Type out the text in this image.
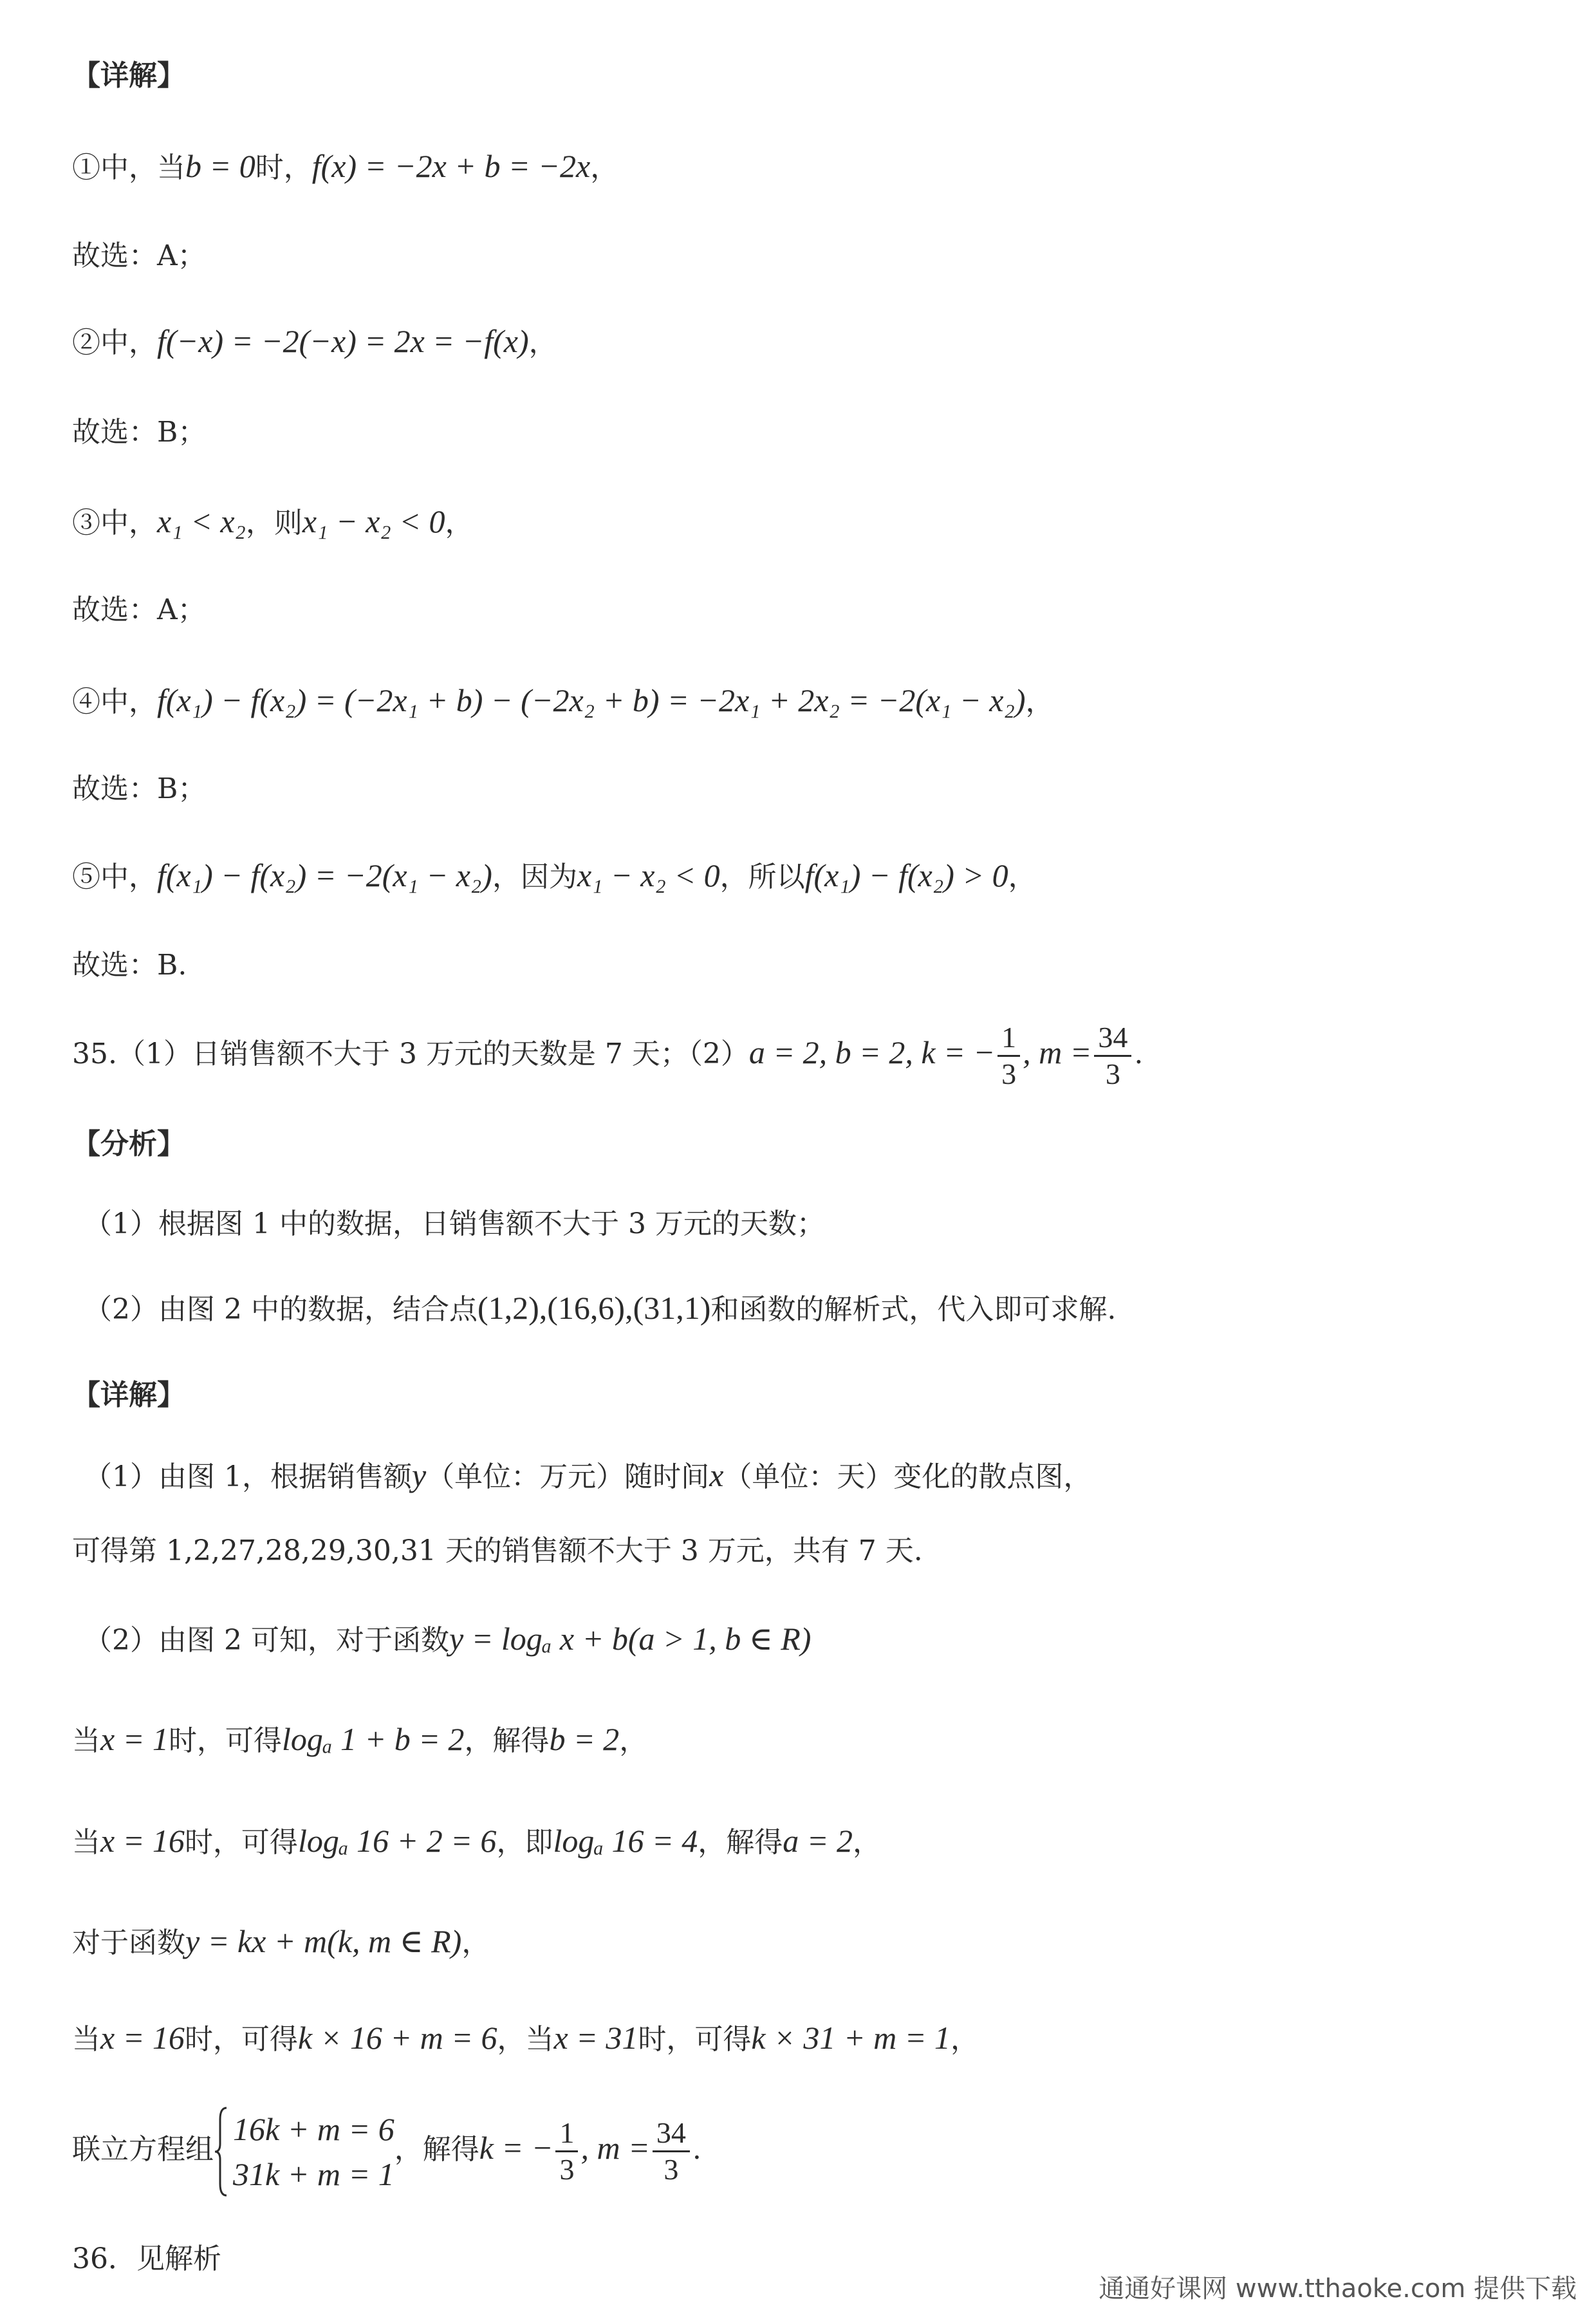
【详解】
①中，当b = 0时，f(x) = −2x + b = −2x，
故选：A；
②中，f(−x) = −2(−x) = 2x = −f(x)，
故选：B；
③中，x₁ < x₂，则x₁ − x₂ < 0，
故选：A；
④中，f(x₁) − f(x₂) = (−2x₁ + b) − (−2x₂ + b) = −2x₁ + 2x₂ = −2(x₁ − x₂)，
故选：B；
⑤中，f(x₁) − f(x₂) = −2(x₁ − x₂)，因为x₁ − x₂ < 0，所以f(x₁) − f(x₂) > 0，
故选：B.
35.（1）日销售额不大于 3 万元的天数是 7 天；（2）a = 2, b = 2, k = − $\frac{1}{3}$ , $m = \frac{34}{3}$ .
【分析】
（1）根据图 1 中的数据，日销售额不大于 3 万元的天数；
（2）由图 2 中的数据，结合点(1,2),(16,6),(31,1)和函数的解析式，代入即可求解.
【详解】
（1）由图 1，根据销售额y（单位：万元）随时间x（单位：天）变化的散点图，
可得第 1,2,27,28,29,30,31 天的销售额不大于 3 万元，共有 7 天.
（2）由图 2 可知，对于函数y = logₐ x + b(a > 1, b ∈ R)
当x = 1时，可得logₐ 1 + b = 2，解得b = 2，
当x = 16时，可得logₐ 16 + 2 = 6，即logₐ 16 = 4，解得a = 2，
对于函数y = kx + m(k, m ∈ R)，
当x = 16时，可得k × 16 + m = 6，当x = 31时，可得k × 31 + m = 1，
联立方程组
16k + m = 6
31k + m = 1
，解得k = − $\frac{1}{3}$ , $m = \frac{34}{3}$ .
36．见解析
通通好课网 www.tthaoke.com 提供下载
